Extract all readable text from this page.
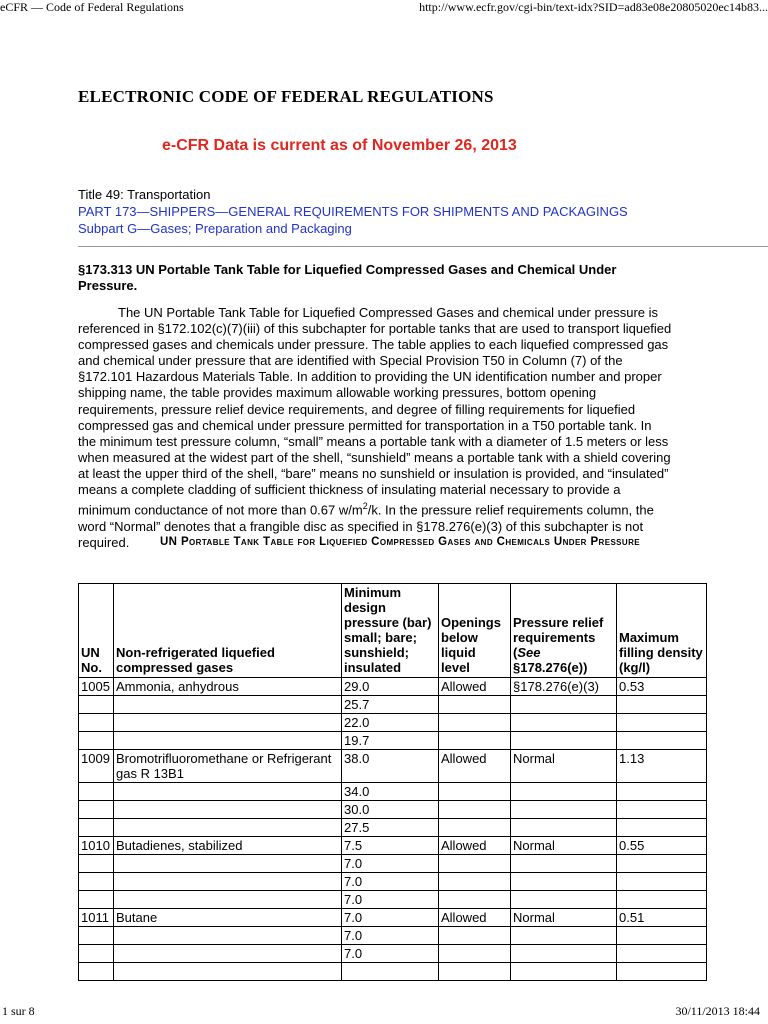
eCFR — Code of Federal Regulations	http://www.ecfr.gov/cgi-bin/text-idx?SID=ad83e08e20805020ec14b83...
ELECTRONIC CODE OF FEDERAL REGULATIONS
e-CFR Data is current as of November 26, 2013
Title 49: Transportation
PART 173—SHIPPERS—GENERAL REQUIREMENTS FOR SHIPMENTS AND PACKAGINGS
Subpart G—Gases; Preparation and Packaging
§173.313 UN Portable Tank Table for Liquefied Compressed Gases and Chemical Under Pressure.
The UN Portable Tank Table for Liquefied Compressed Gases and chemical under pressure is referenced in §172.102(c)(7)(iii) of this subchapter for portable tanks that are used to transport liquefied compressed gases and chemicals under pressure. The table applies to each liquefied compressed gas and chemical under pressure that are identified with Special Provision T50 in Column (7) of the §172.101 Hazardous Materials Table. In addition to providing the UN identification number and proper shipping name, the table provides maximum allowable working pressures, bottom opening requirements, pressure relief device requirements, and degree of filling requirements for liquefied compressed gas and chemical under pressure permitted for transportation in a T50 portable tank. In the minimum test pressure column, “small” means a portable tank with a diameter of 1.5 meters or less when measured at the widest part of the shell, “sunshield” means a portable tank with a shield covering at least the upper third of the shell, “bare” means no sunshield or insulation is provided, and “insulated” means a complete cladding of sufficient thickness of insulating material necessary to provide a minimum conductance of not more than 0.67 $w/m^2/k$. In the pressure relief requirements column, the word “Normal” denotes that a frangible disc as specified in §178.276(e)(3) of this subchapter is not required.	UN Portable Tank Table for Liquefied Compressed Gases and Chemicals Under Pressure
UN No.	Non-refrigerated liquefied compressed gases	Minimum design pressure (bar) small; bare; sunshield; insulated	Openings below liquid level	Pressure relief requirements (See §178.276(e))	Maximum filling density (kg/l)
1005	Ammonia, anhydrous	29.0	Allowed	§178.276(e)(3)	0.53
		25.7			
		22.0			
		19.7			
1009	Bromotrifluoromethane or Refrigerant gas R 13B1	38.0	Allowed	Normal	1.13
		34.0			
		30.0			
		27.5			
1010	Butadienes, stabilized	7.5	Allowed	Normal	0.55
		7.0			
		7.0			
		7.0			
1011	Butane	7.0	Allowed	Normal	0.51
		7.0			
		7.0			

1 sur 8	30/11/2013 18:44
